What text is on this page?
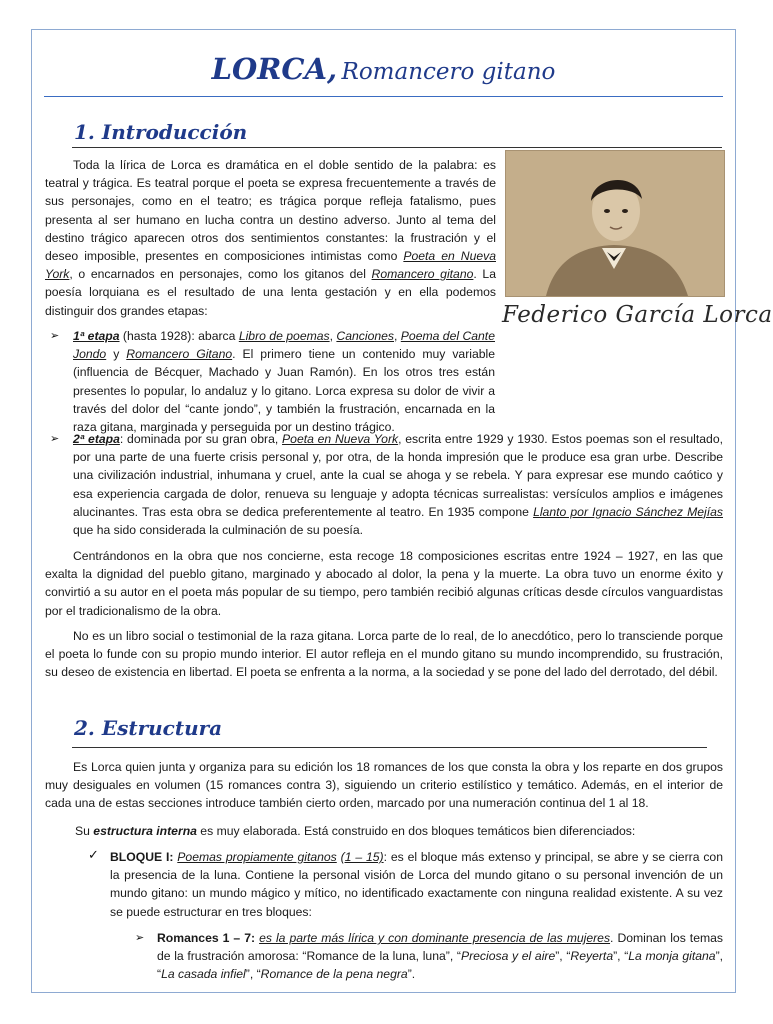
LORCA, Romancero gitano
1. Introducción

Toda la lírica de Lorca es dramática en el doble sentido de la palabra: es teatral y trágica. Es teatral porque el poeta se expresa frecuentemente a través de sus personajes, como en el teatro; es trágica porque refleja fatalismo, pues presenta al ser humano en lucha contra un destino adverso. Junto al tema del destino trágico aparecen otros dos sentimientos constantes: la frustración y el deseo imposible, presentes en composiciones intimistas como Poeta en Nueva York, o encarnados en personajes, como los gitanos del Romancero gitano. La poesía lorquiana es el resultado de una lenta gestación y en ella podemos distinguir dos grandes etapas:	Federico García Lorca
➢ 1ª etapa (hasta 1928): abarca Libro de poemas, Canciones, Poema del Cante Jondo y Romancero Gitano. El primero tiene un contenido muy variable (influencia de Bécquer, Machado y Juan Ramón). En los otros tres están presentes lo popular, lo andaluz y lo gitano. Lorca expresa su dolor de vivir a través del dolor del “cante jondo”, y también la frustración, encarnada en la raza gitana, marginada y perseguida por un destino trágico.

➢ 2ª etapa: dominada por su gran obra, Poeta en Nueva York, escrita entre 1929 y 1930. Estos poemas son el resultado, por una parte de una fuerte crisis personal y, por otra, de la honda impresión que le produce esa gran urbe. Describe una civilización industrial, inhumana y cruel, ante la cual se ahoga y se rebela. Y para expresar ese mundo caótico y esa experiencia cargada de dolor, renueva su lenguaje y adopta técnicas surrealistas: versículos amplios e imágenes alucinantes. Tras esta obra se dedica preferentemente al teatro. En 1935 compone Llanto por Ignacio Sánchez Mejías que ha sido considerada la culminación de su poesía.

Centrándonos en la obra que nos concierne, esta recoge 18 composiciones escritas entre 1924 – 1927, en las que exalta la dignidad del pueblo gitano, marginado y abocado al dolor, la pena y la muerte. La obra tuvo un enorme éxito y convirtió a su autor en el poeta más popular de su tiempo, pero también recibió algunas críticas desde círculos vanguardistas por el tradicionalismo de la obra.

No es un libro social o testimonial de la raza gitana. Lorca parte de lo real, de lo anecdótico, pero lo transciende porque el poeta lo funde con su propio mundo interior. El autor refleja en el mundo gitano su mundo incomprendido, su frustración, su deseo de existencia en libertad. El poeta se enfrenta a la norma, a la sociedad y se pone del lado del derrotado, del débil.

2. Estructura

Es Lorca quien junta y organiza para su edición los 18 romances de los que consta la obra y los reparte en dos grupos muy desiguales en volumen (15 romances contra 3), siguiendo un criterio estilístico y temático. Además, en el interior de cada una de estas secciones introduce también cierto orden, marcado por una numeración continua del 1 al 18.

Su estructura interna es muy elaborada. Está construido en dos bloques temáticos bien diferenciados:

✓ BLOQUE I: Poemas propiamente gitanos (1 – 15): es el bloque más extenso y principal, se abre y se cierra con la presencia de la luna. Contiene la personal visión de Lorca del mundo gitano o su personal invención de un mundo gitano: un mundo mágico y mítico, no identificado exactamente con ninguna realidad existente. A su vez se puede estructurar en tres bloques:

➢ Romances 1 – 7: es la parte más lírica y con dominante presencia de las mujeres. Dominan los temas de la frustración amorosa: “Romance de la luna, luna”, “Preciosa y el aire”, “Reyerta”, “La monja gitana”, “La casada infiel”, “Romance de la pena negra”.
